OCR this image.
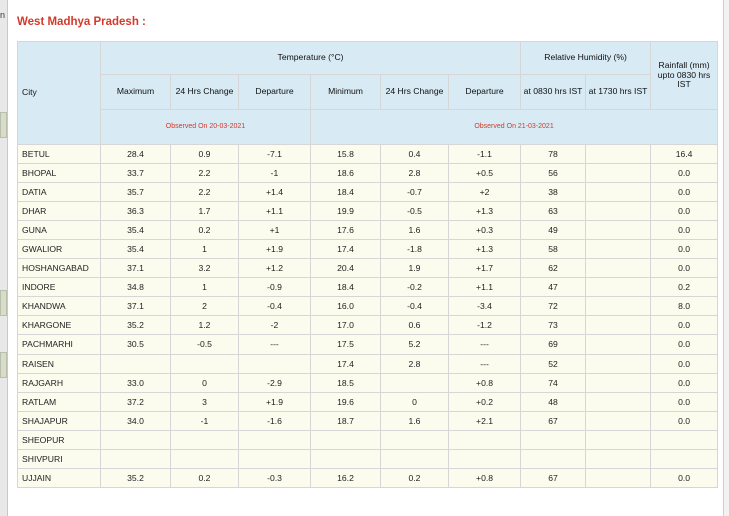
n
West Madhya Pradesh :
City	Temperature (°C)						Relative Humidity (%)		Rainfall (mm) upto 0830 hrs IST
	Maximum	24 Hrs Change	Departure	Minimum	24 Hrs Change	Departure	at 0830 hrs IST	at 1730 hrs IST	
	Observed On 20-03-2021			Observed On 21-03-2021					
BETUL	28.4	0.9	-7.1	15.8	0.4	-1.1	78		16.4
BHOPAL	33.7	2.2	-1	18.6	2.8	+0.5	56		0.0
DATIA	35.7	2.2	+1.4	18.4	-0.7	+2	38		0.0
DHAR	36.3	1.7	+1.1	19.9	-0.5	+1.3	63		0.0
GUNA	35.4	0.2	+1	17.6	1.6	+0.3	49		0.0
GWALIOR	35.4	1	+1.9	17.4	-1.8	+1.3	58		0.0
HOSHANGABAD	37.1	3.2	+1.2	20.4	1.9	+1.7	62		0.0
INDORE	34.8	1	-0.9	18.4	-0.2	+1.1	47		0.2
KHANDWA	37.1	2	-0.4	16.0	-0.4	-3.4	72		8.0
KHARGONE	35.2	1.2	-2	17.0	0.6	-1.2	73		0.0
PACHMARHI	30.5	-0.5	---	17.5	5.2	---	69		0.0
RAISEN				17.4	2.8	---	52		0.0
RAJGARH	33.0	0	-2.9	18.5		+0.8	74		0.0
RATLAM	37.2	3	+1.9	19.6	0	+0.2	48		0.0
SHAJAPUR	34.0	-1	-1.6	18.7	1.6	+2.1	67		0.0
SHEOPUR									
SHIVPURI									
UJJAIN	35.2	0.2	-0.3	16.2	0.2	+0.8	67		0.0
